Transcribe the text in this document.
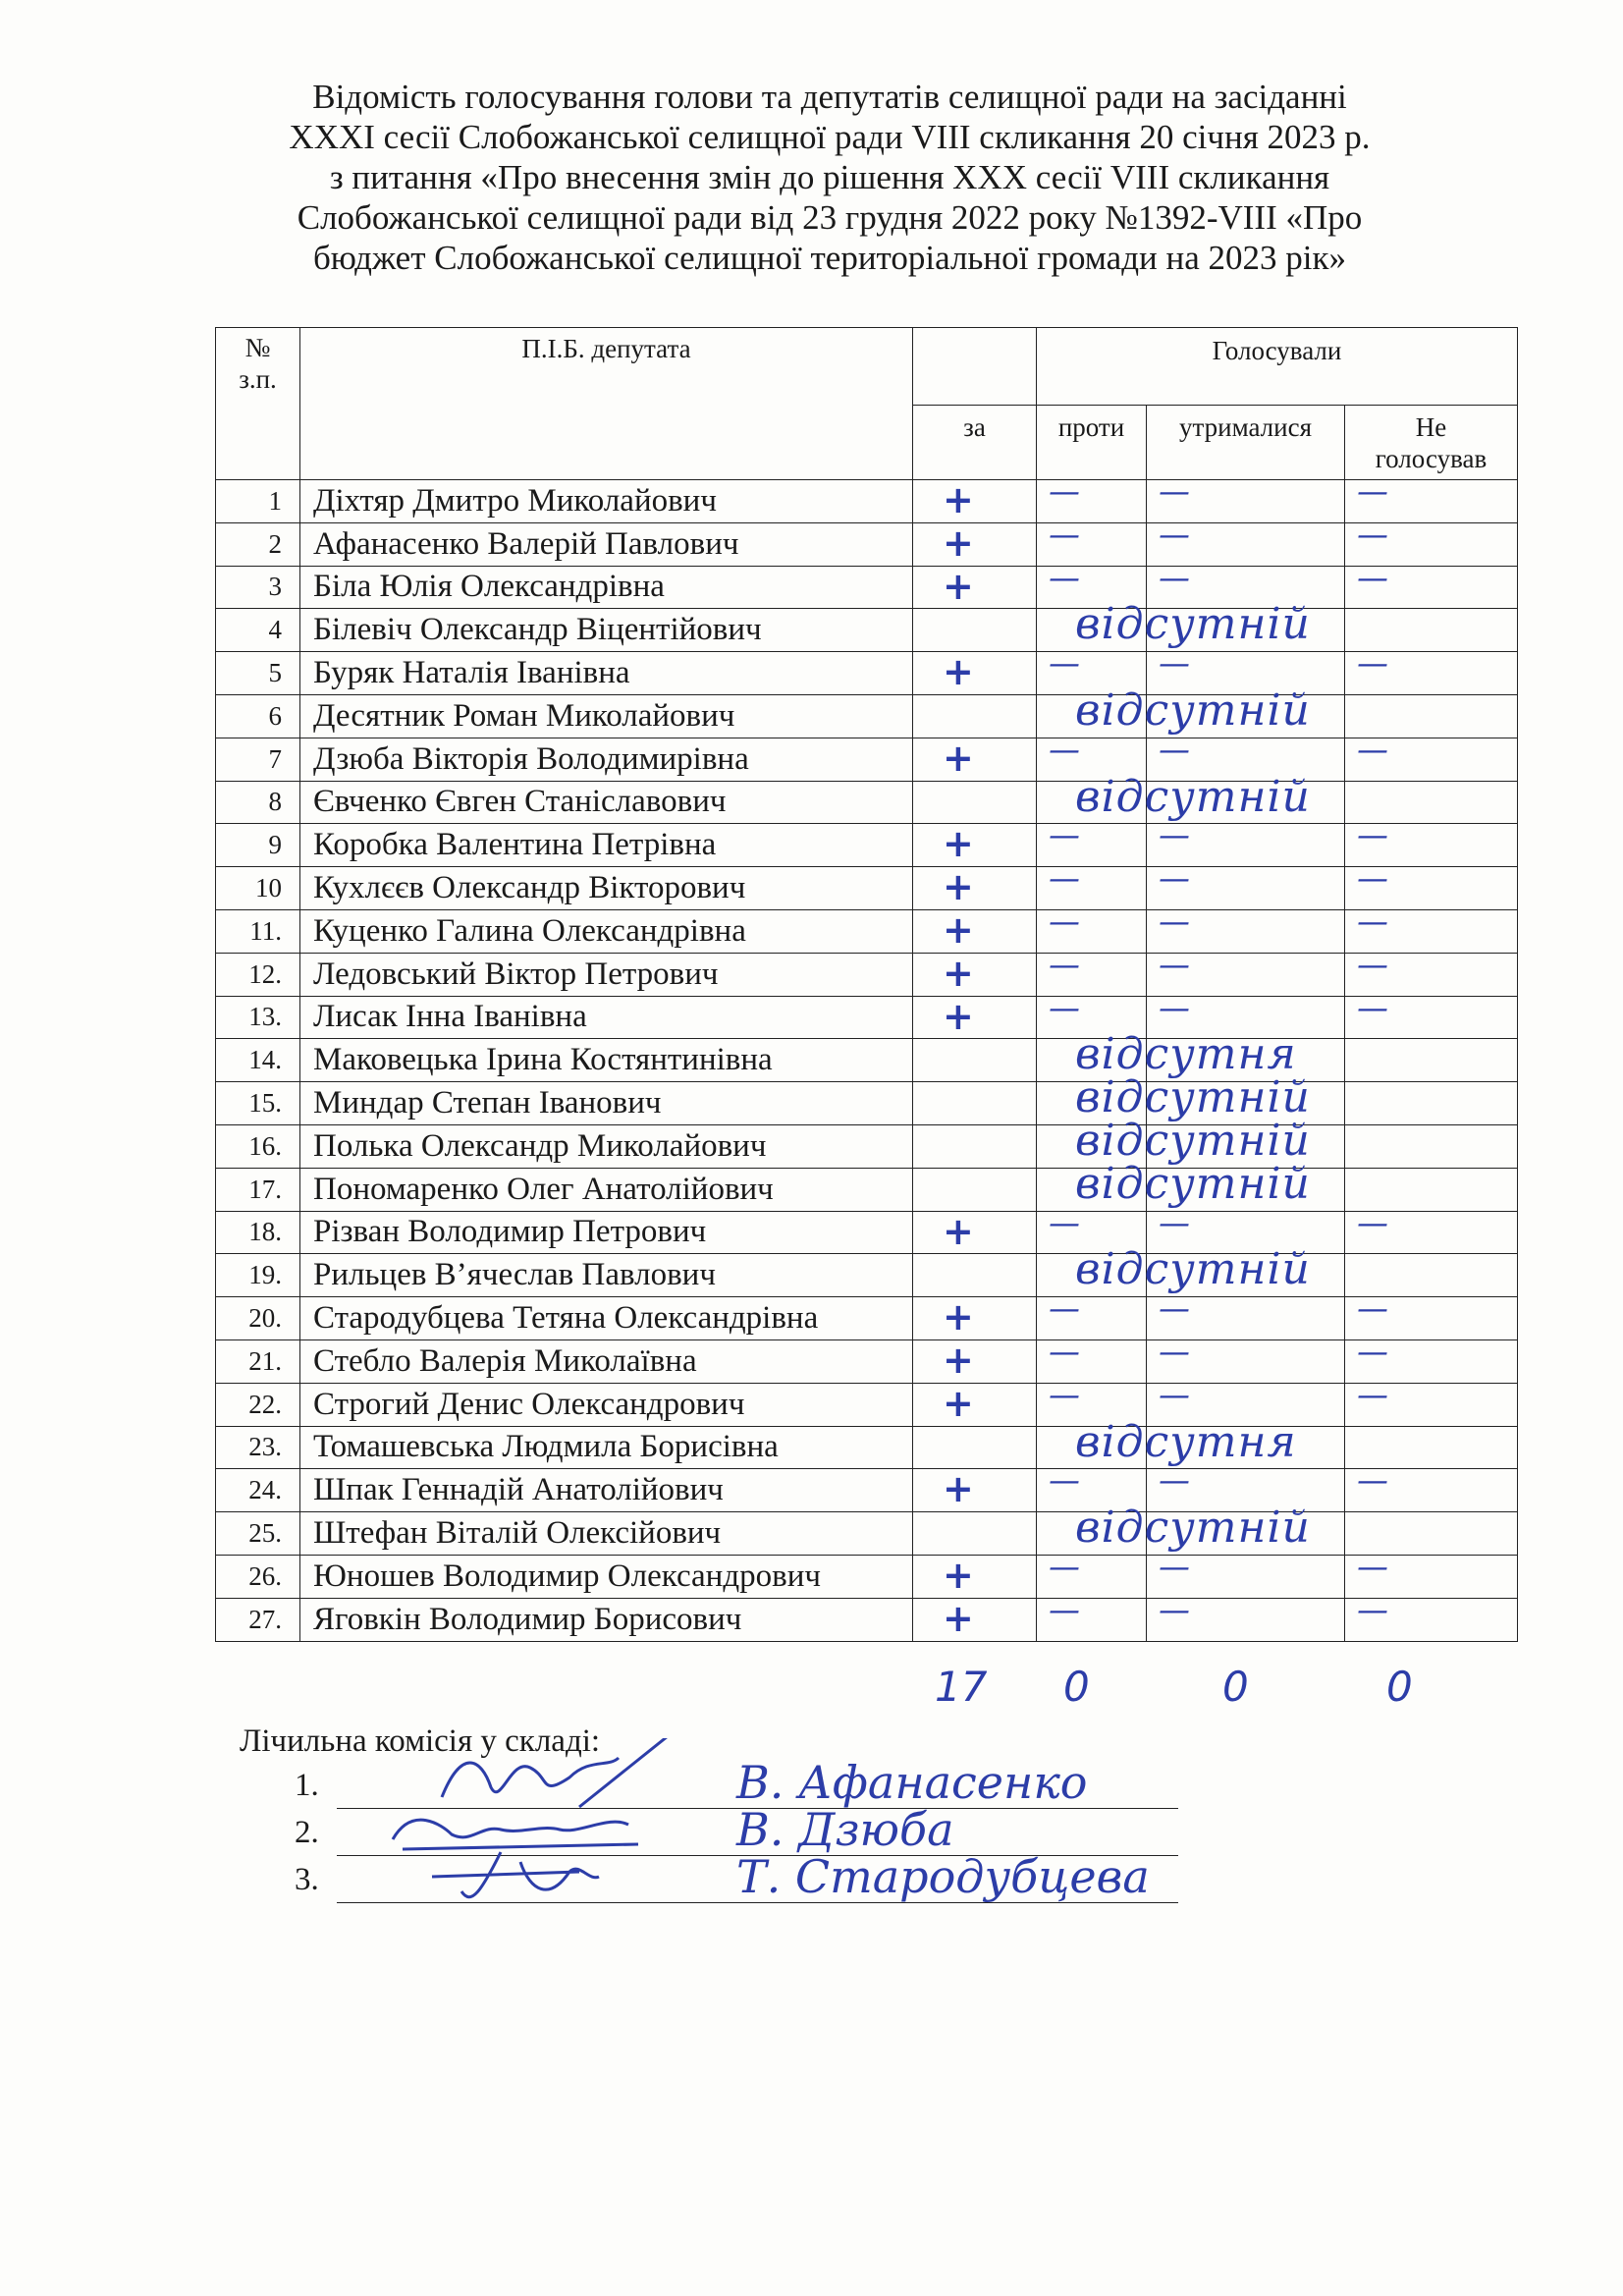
Відомість голосування голови та депутатів селищної ради на засіданні
XXXI сесії Слобожанської селищної ради VIII скликання 20 січня 2023 р.
з питання «Про внесення змін до рішення XXX сесії VIII скликання
Слобожанської селищної ради від 23 грудня 2022 року №1392-VIII «Про
бюджет Слобожанської селищної територіальної громади на 2023 рік»
№
з.п.	П.І.Б. депутата		Голосували		

		за	проти	утрималися	Не
голосував

1	Діхтяр Дмитро Миколайович	+	—	—	—

2	Афанасенко Валерій Павлович	+	—	—	—

3	Біла Юлія Олександрівна	+	—	—	—

4	Білевіч Олександр Віцентійович	відсутній			

5	Буряк Наталія Іванівна	+	—	—	—

6	Десятник Роман Миколайович	відсутній			

7	Дзюба Вікторія Володимирівна	+	—	—	—

8	Євченко Євген Станіславович	відсутній			

9	Коробка Валентина Петрівна	+	—	—	—

10	Кухлєєв Олександр Вікторович	+	—	—	—

11.	Куценко Галина Олександрівна	+	—	—	—

12.	Ледовський Віктор Петрович	+	—	—	—

13.	Лисак Інна Іванівна	+	—	—	—

14.	Маковецька Ірина Костянтинівна	відсутня			

15.	Миндар Степан Іванович	відсутній			

16.	Полька Олександр Миколайович	відсутній			

17.	Пономаренко Олег Анатолійович	відсутній			

18.	Різван Володимир Петрович	+	—	—	—

19.	Рильцев В’ячеслав Павлович	відсутній			

20.	Стародубцева Тетяна Олександрівна	+	—	—	—

21.	Стебло Валерія Миколаївна	+	—	—	—

22.	Строгий Денис Олександрович	+	—	—	—

23.	Томашевська Людмила Борисівна	відсутня			

24.	Шпак Геннадій Анатолійович	+	—	—	—

25.	Штефан Віталій Олексійович	відсутній			

26.	Юношев Володимир Олександрович	+	—	—	—

27.	Яговкін Володимир Борисович	+	—	—	—
17 0	0	0
Лічильна комісія у складі:
1.	В. Афанасенко
2.	В. Дзюба
3.	Т. Стародубцева
